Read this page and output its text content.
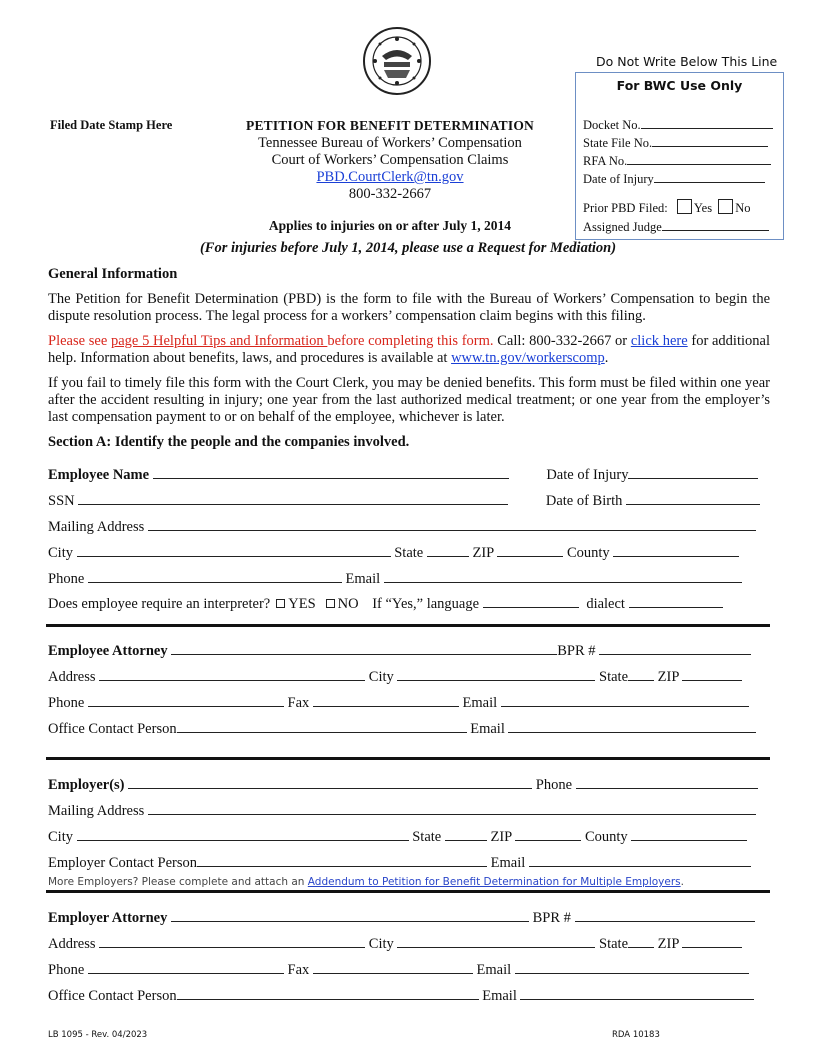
Do Not Write Below This Line
For BWC Use Only
Docket No.
State File No.
RFA No.
Date of Injury
Prior PBD Filed: Yes No
Assigned Judge
Filed Date Stamp Here	PETITION FOR BENEFIT DETERMINATION
Tennessee Bureau of Workers’ Compensation
Court of Workers’ Compensation Claims
PBD.CourtClerk@tn.gov
800-332-2667
Applies to injuries on or after July 1, 2014
(For injuries before July 1, 2014, please use a Request for Mediation)
General Information
The Petition for Benefit Determination (PBD) is the form to file with the Bureau of Workers’ Compensation to begin the dispute resolution process. The legal process for a workers’ compensation claim begins with this filing.
Please see page 5 Helpful Tips and Information before completing this form. Call: 800-332-2667 or click here for additional help. Information about benefits, laws, and procedures is available at www.tn.gov/workerscomp.
If you fail to timely file this form with the Court Clerk, you may be denied benefits. This form must be filed within one year after the accident resulting in injury; one year from the last authorized medical treatment; or one year from the employer’s last compensation payment to or on behalf of the employee, whichever is later.
Section A: Identify the people and the companies involved.
Employee Name	Date of Injury
SSN	Date of Birth
Mailing Address
City	State	ZIP	County
Phone	Email
Does employee require an interpreter? YES NO If “Yes,” language	dialect
Employee Attorney	BPR #
Address	City	State ZIP
Phone	Fax	Email
Office Contact Person	Email
Employer(s)	Phone
Mailing Address
City	State	ZIP	County
Employer Contact Person	Email
More Employers? Please complete and attach an Addendum to Petition for Benefit Determination for Multiple Employers.
Employer Attorney	BPR #
Address	City	State ZIP
Phone	Fax	Email
Office Contact Person	Email
LB 1095 - Rev. 04/2023	RDA 10183
